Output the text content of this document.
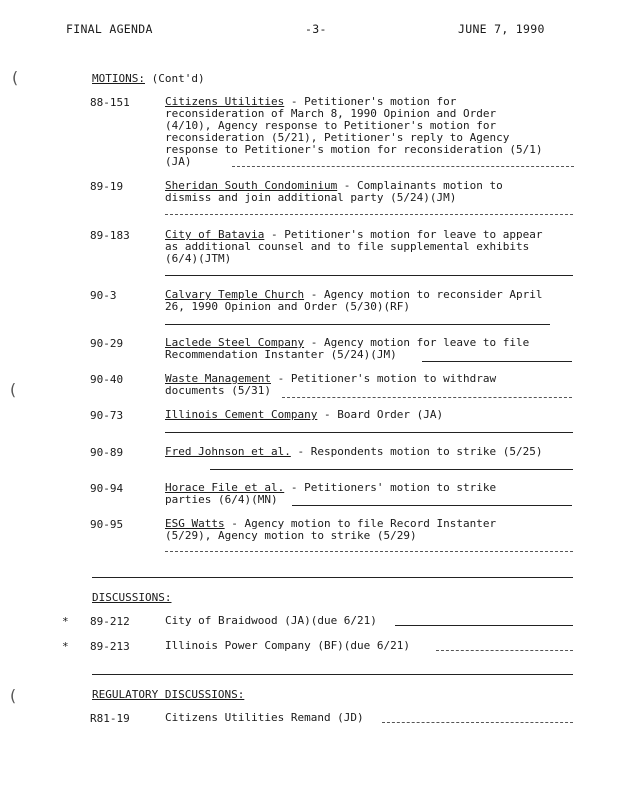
FINAL AGENDA	-3-	JUNE 7, 1990
(
(
(
MOTIONS: (Cont'd)
88-151	Citizens Utilities - Petitioner's motion for reconsideration of March 8, 1990 Opinion and Order (4/10), Agency response to Petitioner's motion for reconsideration (5/21), Petitioner's reply to Agency response to Petitioner's motion for reconsideration (5/1)(JA)
89-19	Sheridan South Condominium - Complainants motion to dismiss and join additional party (5/24)(JM)
89-183	City of Batavia - Petitioner's motion for leave to appear as additional counsel and to file supplemental exhibits (6/4)(JTM)
90-3	Calvary Temple Church - Agency motion to reconsider April 26, 1990 Opinion and Order (5/30)(RF)
90-29	Laclede Steel Company - Agency motion for leave to file Recommendation Instanter (5/24)(JM)
90-40	Waste Management - Petitioner's motion to withdraw documents (5/31)
90-73	Illinois Cement Company - Board Order (JA)
90-89	Fred Johnson et al. - Respondents motion to strike (5/25)
90-94	Horace File et al. - Petitioners' motion to strike parties (6/4)(MN)
90-95	ESG Watts - Agency motion to file Record Instanter (5/29), Agency motion to strike (5/29)
DISCUSSIONS:
* 89-212	City of Braidwood (JA)(due 6/21)
* 89-213	Illinois Power Company (BF)(due 6/21)
REGULATORY DISCUSSIONS:
R81-19	Citizens Utilities Remand (JD)
